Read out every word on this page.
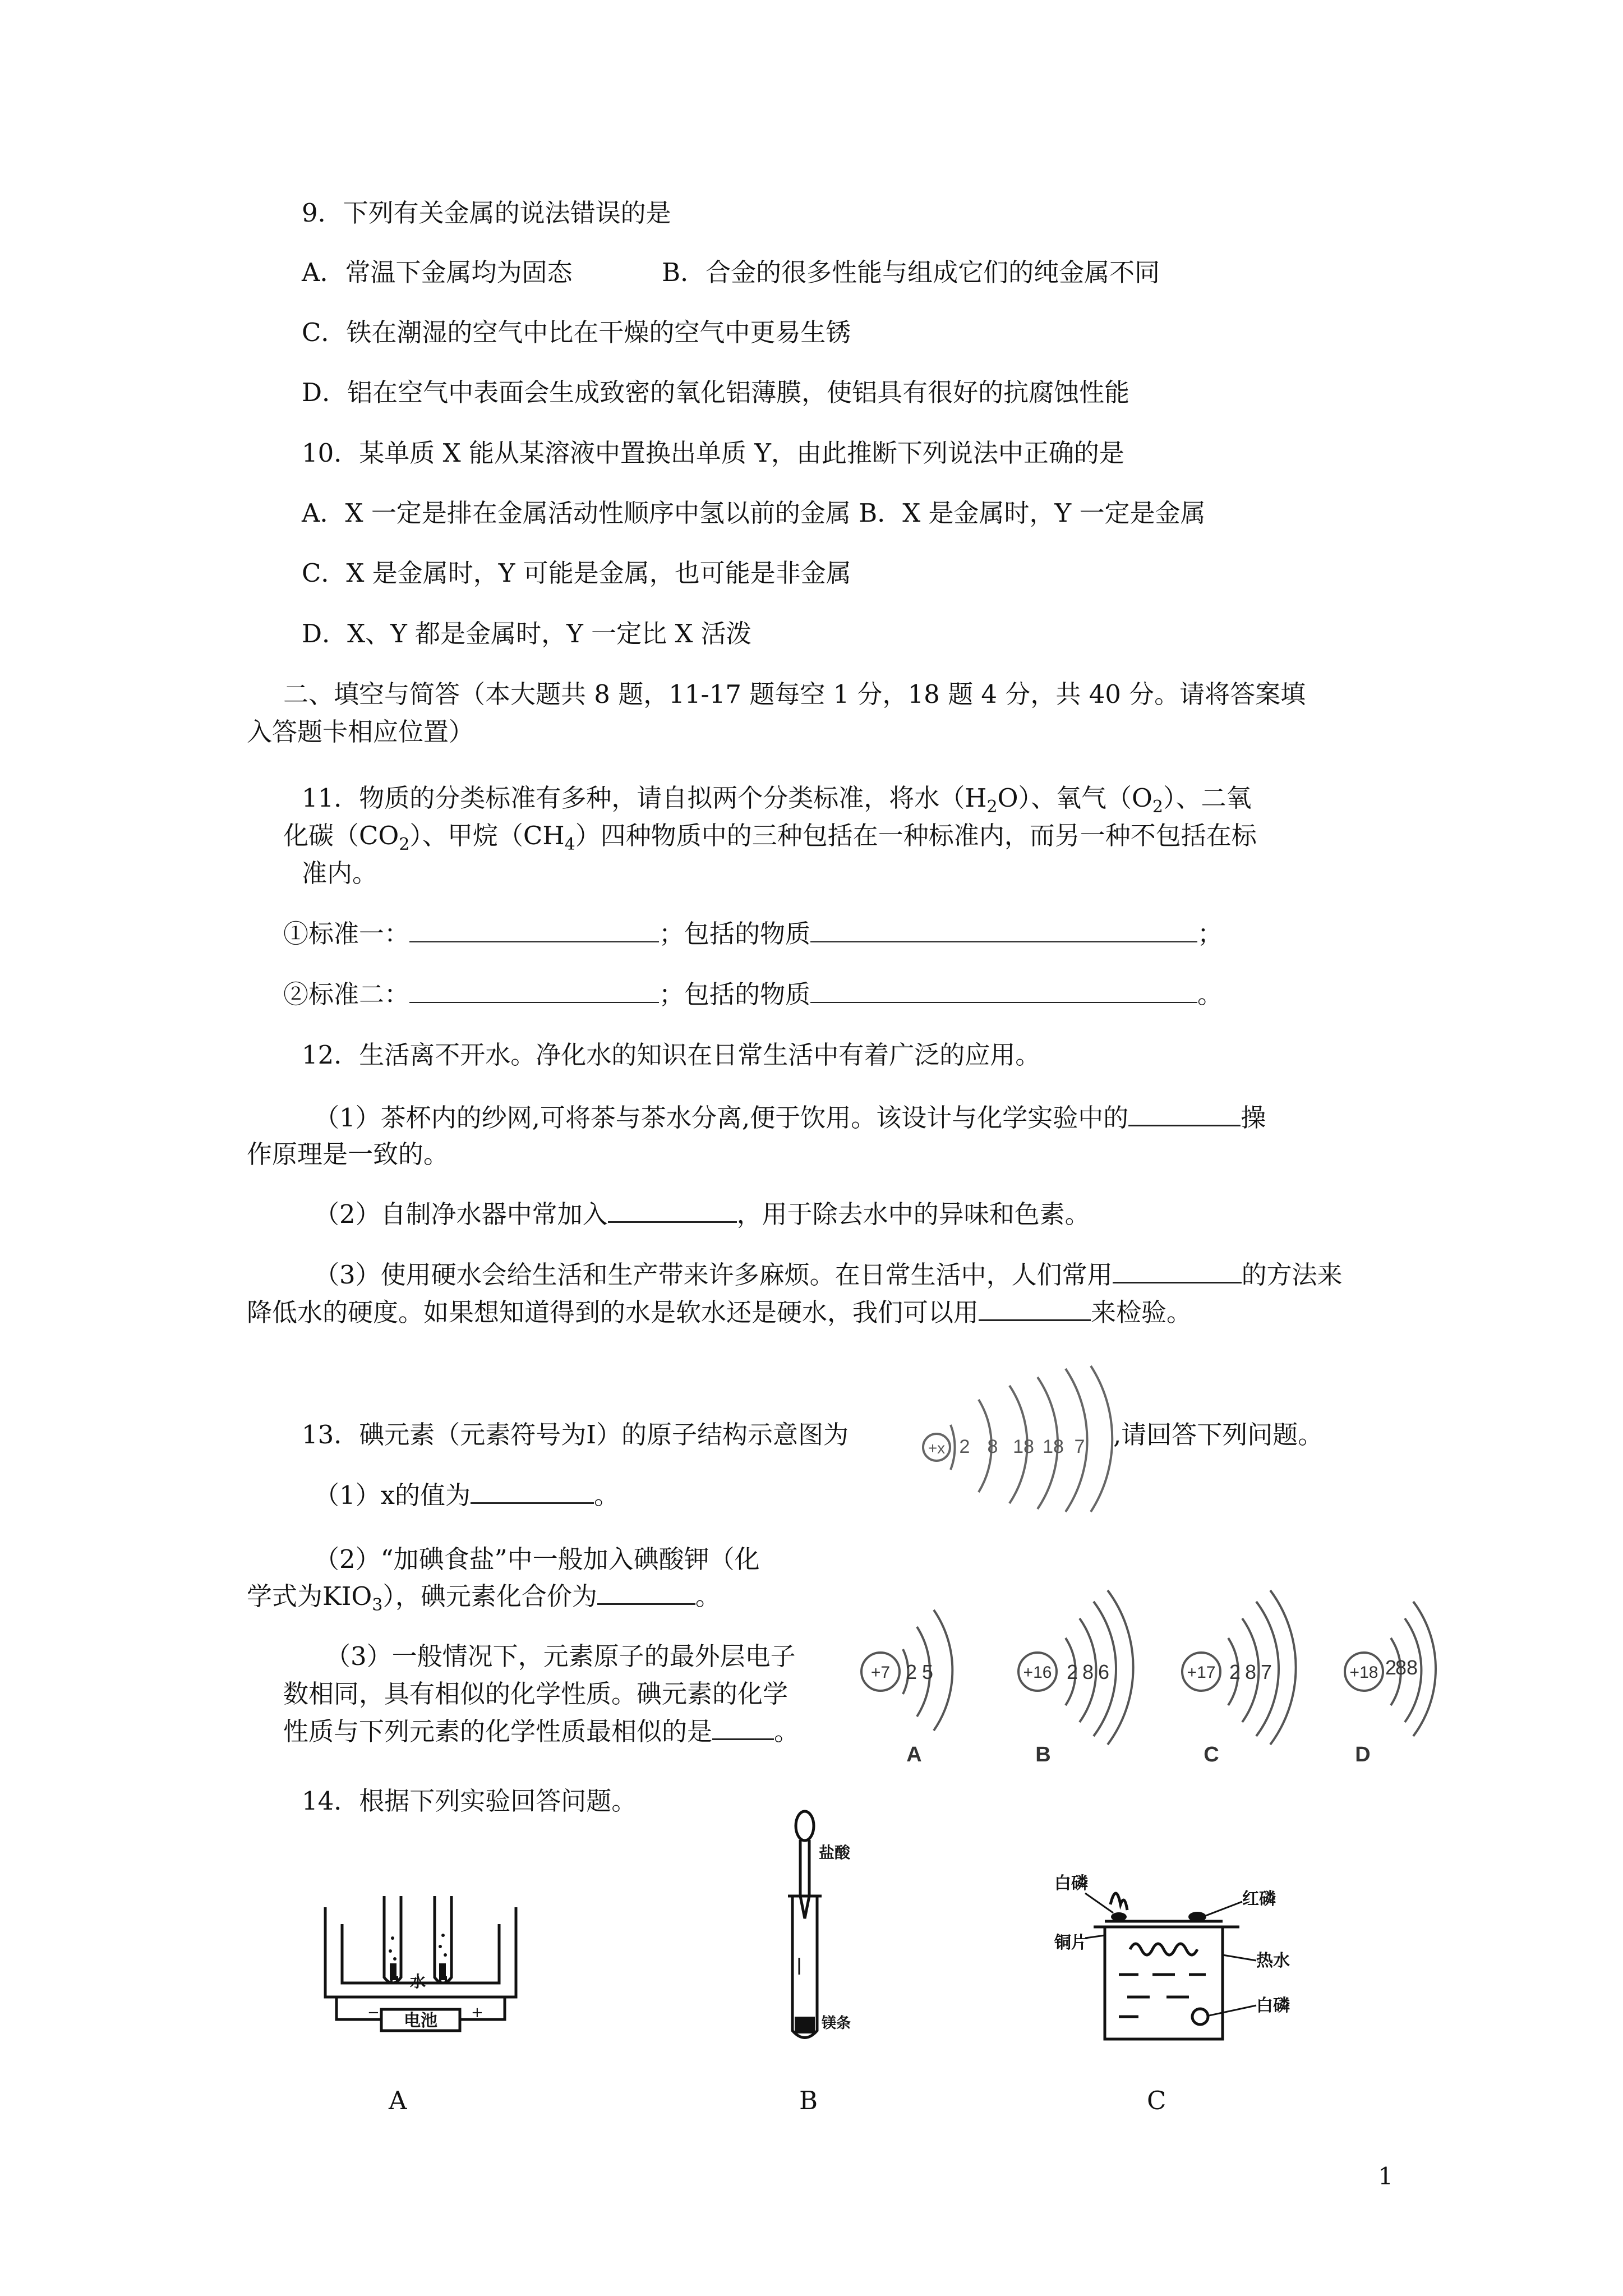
9．下列有关金属的说法错误的是
A．常温下金属均为固态	B．合金的很多性能与组成它们的纯金属不同
C．铁在潮湿的空气中比在干燥的空气中更易生锈
D．铝在空气中表面会生成致密的氧化铝薄膜，使铝具有很好的抗腐蚀性能
10．某单质 X 能从某溶液中置换出单质 Y，由此推断下列说法中正确的是
A．X 一定是排在金属活动性顺序中氢以前的金属 B．X 是金属时，Y 一定是金属
C．X 是金属时，Y 可能是金属，也可能是非金属
D．X、Y 都是金属时，Y 一定比 X 活泼
二、填空与简答（本大题共 8 题，11-17 题每空 1 分，18 题 4 分，共 40 分。请将答案填
入答题卡相应位置）
11．物质的分类标准有多种，请自拟两个分类标准，将水$(H_2O)$、氧气$(O_2)$、二氧
化碳$(CO_2)$、甲烷$(CH_4)$四种物质中的三种包括在一种标准内，而另一种不包括在标
准内。
①标准一：	；包括的物质	；
②标准二：	；包括的物质	。
12．生活离不开水。净化水的知识在日常生活中有着广泛的应用。
（1）茶杯内的纱网,可将茶与茶水分离,便于饮用。该设计与化学实验中的	操
作原理是一致的。
（2）自制净水器中常加入	，用于除去水中的异味和色素。
（3）使用硬水会给生活和生产带来许多麻烦。在日常生活中，人们常用	的方法来
降低水的硬度。如果想知道得到的水是软水还是硬水，我们可以用	来检验。
13．碘元素（元素符号为I）的原子结构示意图为	+x 2 8 18 18 7 ,请回答下列问题。
（1）x的值为	。
（2）“加碘食盐”中一般加入碘酸钾（化
学式为$KIO_3$），碘元素化合价为	。
（3）一般情况下，元素原子的最外层电子
数相同，具有相似的化学性质。碘元素的化学
性质与下列元素的化学性质最相似的是 。
+7	+16	+17	+18
2 5	2 8 6	2 8 7	2
8 8
A	B	C	D
14．根据下列实验回答问题。
水
电池
−	+
A
盐酸
镁条
B
白磷
红磷
铜片
热水
白磷
C
1
